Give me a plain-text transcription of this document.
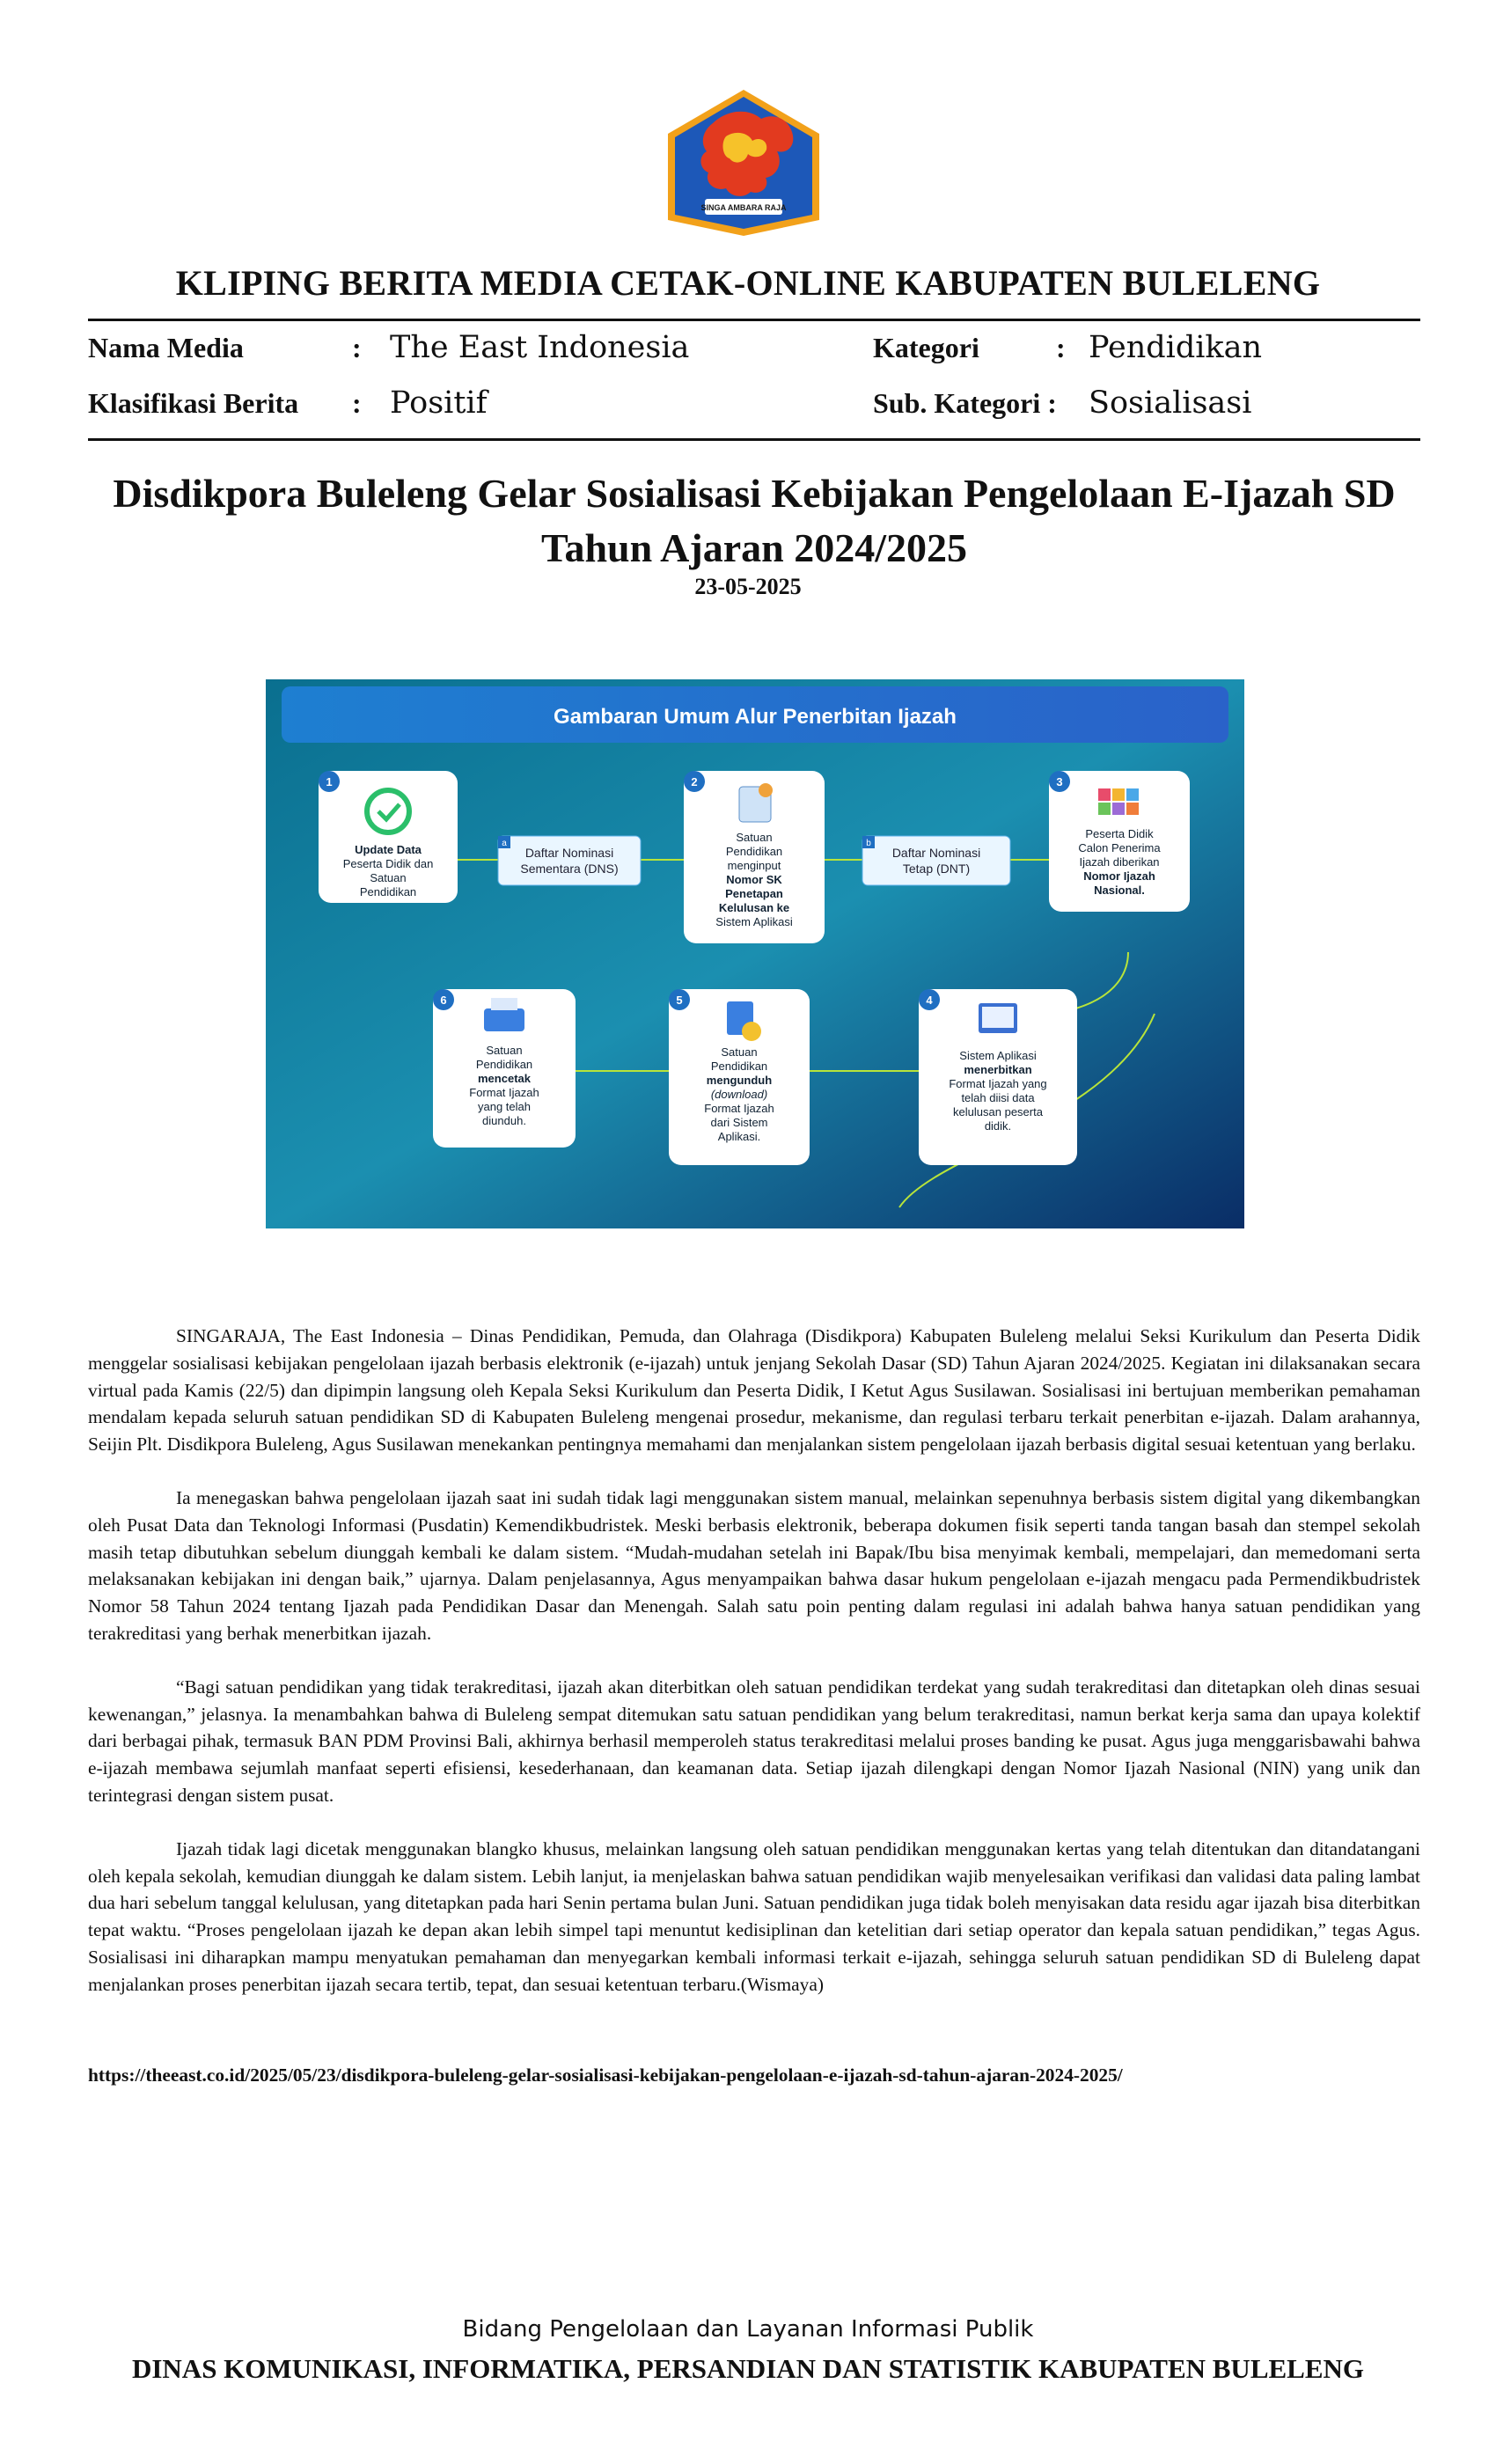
SINGA AMBARA RAJA
KLIPING BERITA MEDIA CETAK-ONLINE KABUPATEN BULELENG
Nama Media	: The East Indonesia
Klasifikasi Berita : Positif
Kategori	: Pendidikan
Sub. Kategori : Sosialisasi
Disdikpora Buleleng Gelar Sosialisasi Kebijakan Pengelolaan E-Ijazah SD Tahun Ajaran 2024/2025
23-05-2025
Gambaran Umum Alur Penerbitan Ijazah
a
Daftar Nominasi
Sementara (DNS)
b
Daftar Nominasi
Tetap (DNT)
1
Update Data
Peserta Didik dan
Satuan
Pendidikan
2
Satuan
Pendidikan
menginput
Nomor SK
Penetapan
Kelulusan ke
Sistem Aplikasi
3
Peserta Didik
Calon Penerima
Ijazah diberikan
Nomor Ijazah
Nasional.
4
Sistem Aplikasi
menerbitkan
Format Ijazah yang
telah diisi data
kelulusan peserta
didik.
5
Satuan
Pendidikan
mengunduh
(download)
Format Ijazah
dari Sistem
Aplikasi.
6
Satuan
Pendidikan
mencetak
Format Ijazah
yang telah
diunduh.

SINGARAJA, The East Indonesia – Dinas Pendidikan, Pemuda, dan Olahraga (Disdikpora) Kabupaten Buleleng melalui Seksi Kurikulum dan Peserta Didik menggelar sosialisasi kebijakan pengelolaan ijazah berbasis elektronik (e-ijazah) untuk jenjang Sekolah Dasar (SD) Tahun Ajaran 2024/2025. Kegiatan ini dilaksanakan secara virtual pada Kamis (22/5) dan dipimpin langsung oleh Kepala Seksi Kurikulum dan Peserta Didik, I Ketut Agus Susilawan. Sosialisasi ini bertujuan memberikan pemahaman mendalam kepada seluruh satuan pendidikan SD di Kabupaten Buleleng mengenai prosedur, mekanisme, dan regulasi terbaru terkait penerbitan e-ijazah. Dalam arahannya, Seijin Plt. Disdikpora Buleleng, Agus Susilawan menekankan pentingnya memahami dan menjalankan sistem pengelolaan ijazah berbasis digital sesuai ketentuan yang berlaku.

Ia menegaskan bahwa pengelolaan ijazah saat ini sudah tidak lagi menggunakan sistem manual, melainkan sepenuhnya berbasis sistem digital yang dikembangkan oleh Pusat Data dan Teknologi Informasi (Pusdatin) Kemendikbudristek. Meski berbasis elektronik, beberapa dokumen fisik seperti tanda tangan basah dan stempel sekolah masih tetap dibutuhkan sebelum diunggah kembali ke dalam sistem. “Mudah-mudahan setelah ini Bapak/Ibu bisa menyimak kembali, mempelajari, dan memedomani serta melaksanakan kebijakan ini dengan baik,” ujarnya. Dalam penjelasannya, Agus menyampaikan bahwa dasar hukum pengelolaan e-ijazah mengacu pada Permendikbudristek Nomor 58 Tahun 2024 tentang Ijazah pada Pendidikan Dasar dan Menengah. Salah satu poin penting dalam regulasi ini adalah bahwa hanya satuan pendidikan yang terakreditasi yang berhak menerbitkan ijazah.

“Bagi satuan pendidikan yang tidak terakreditasi, ijazah akan diterbitkan oleh satuan pendidikan terdekat yang sudah terakreditasi dan ditetapkan oleh dinas sesuai kewenangan,” jelasnya. Ia menambahkan bahwa di Buleleng sempat ditemukan satu satuan pendidikan yang belum terakreditasi, namun berkat kerja sama dan upaya kolektif dari berbagai pihak, termasuk BAN PDM Provinsi Bali, akhirnya berhasil memperoleh status terakreditasi melalui proses banding ke pusat. Agus juga menggarisbawahi bahwa e-ijazah membawa sejumlah manfaat seperti efisiensi, kesederhanaan, dan keamanan data. Setiap ijazah dilengkapi dengan Nomor Ijazah Nasional (NIN) yang unik dan terintegrasi dengan sistem pusat.

Ijazah tidak lagi dicetak menggunakan blangko khusus, melainkan langsung oleh satuan pendidikan menggunakan kertas yang telah ditentukan dan ditandatangani oleh kepala sekolah, kemudian diunggah ke dalam sistem. Lebih lanjut, ia menjelaskan bahwa satuan pendidikan wajib menyelesaikan verifikasi dan validasi data paling lambat dua hari sebelum tanggal kelulusan, yang ditetapkan pada hari Senin pertama bulan Juni. Satuan pendidikan juga tidak boleh menyisakan data residu agar ijazah bisa diterbitkan tepat waktu. “Proses pengelolaan ijazah ke depan akan lebih simpel tapi menuntut kedisiplinan dan ketelitian dari setiap operator dan kepala satuan pendidikan,” tegas Agus. Sosialisasi ini diharapkan mampu menyatukan pemahaman dan menyegarkan kembali informasi terkait e-ijazah, sehingga seluruh satuan pendidikan SD di Buleleng dapat menjalankan proses penerbitan ijazah secara tertib, tepat, dan sesuai ketentuan terbaru.(Wismaya)

https://theeast.co.id/2025/05/23/disdikpora-buleleng-gelar-sosialisasi-kebijakan-pengelolaan-e-ijazah-sd-tahun-ajaran-2024-2025/
Bidang Pengelolaan dan Layanan Informasi Publik
DINAS KOMUNIKASI, INFORMATIKA, PERSANDIAN DAN STATISTIK KABUPATEN BULELENG
